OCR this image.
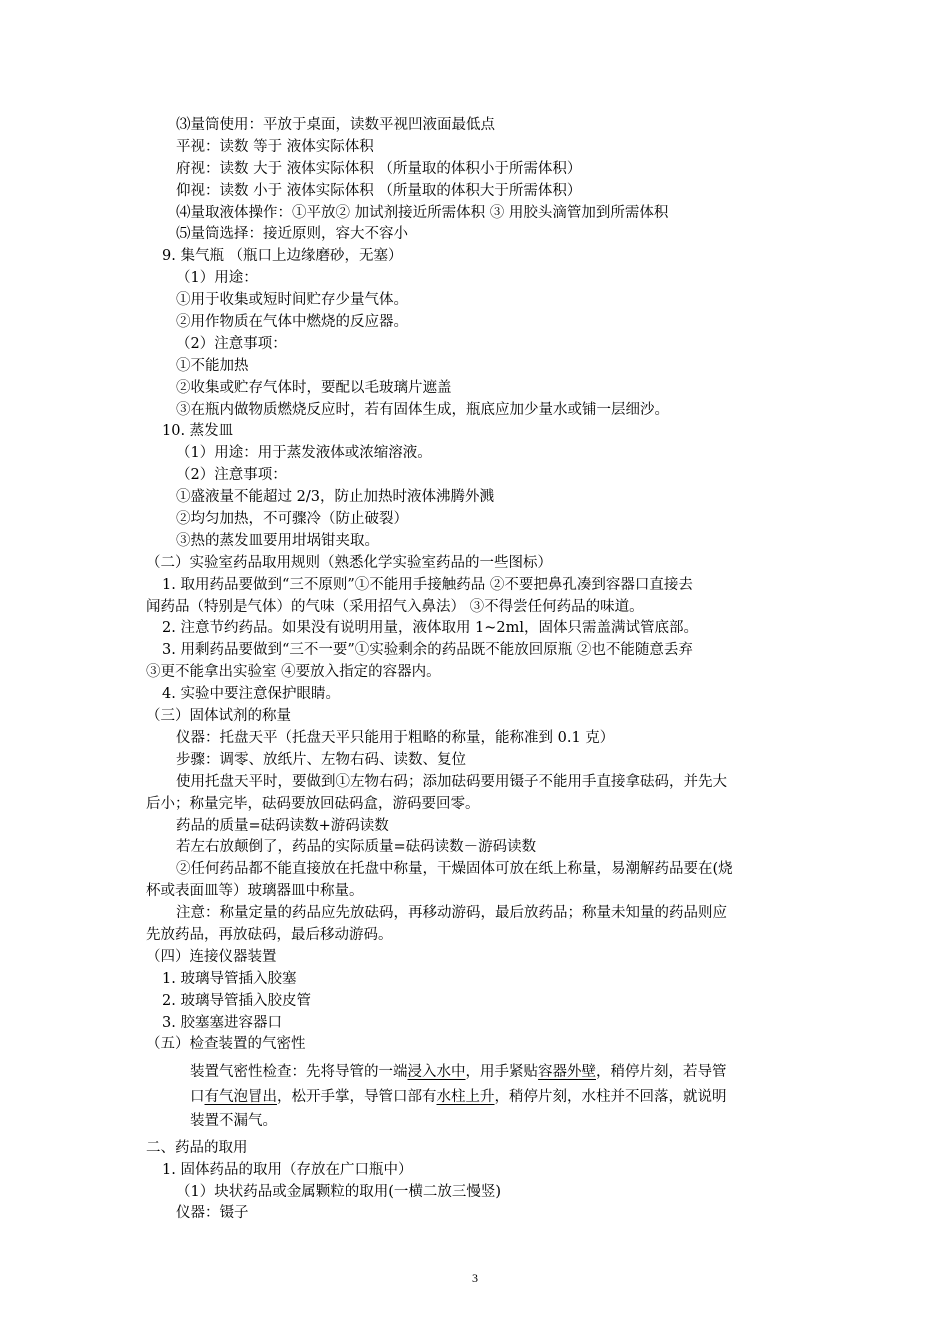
⑶量筒使用：平放于桌面，读数平视凹液面最低点
平视：读数 等于 液体实际体积
府视：读数 大于 液体实际体积 （所量取的体积小于所需体积）
仰视：读数 小于 液体实际体积 （所量取的体积大于所需体积）
⑷量取液体操作：①平放② 加试剂接近所需体积 ③ 用胶头滴管加到所需体积
⑸量筒选择：接近原则，容大不容小
9. 集气瓶 （瓶口上边缘磨砂，无塞）
（1）用途：
①用于收集或短时间贮存少量气体。
②用作物质在气体中燃烧的反应器。
（2）注意事项：
①不能加热
②收集或贮存气体时，要配以毛玻璃片遮盖
③在瓶内做物质燃烧反应时，若有固体生成，瓶底应加少量水或铺一层细沙。
10. 蒸发皿
（1）用途：用于蒸发液体或浓缩溶液。
（2）注意事项：
①盛液量不能超过 2/3，防止加热时液体沸腾外溅
②均匀加热，不可骤冷（防止破裂）
③热的蒸发皿要用坩埚钳夹取。
（二）实验室药品取用规则（熟悉化学实验室药品的一些图标）
1. 取用药品要做到“三不原则”①不能用手接触药品 ②不要把鼻孔凑到容器口直接去
闻药品（特别是气体）的气味（采用招气入鼻法） ③不得尝任何药品的味道。
2. 注意节约药品。如果没有说明用量，液体取用 1~2ml，固体只需盖满试管底部。
3. 用剩药品要做到“三不一要”①实验剩余的药品既不能放回原瓶 ②也不能随意丢弃
③更不能拿出实验室 ④要放入指定的容器内。
4. 实验中要注意保护眼睛。
（三）固体试剂的称量
仪器：托盘天平（托盘天平只能用于粗略的称量，能称准到 0.1 克）
步骤：调零、放纸片、左物右码、读数、复位
使用托盘天平时，要做到①左物右码；添加砝码要用镊子不能用手直接拿砝码，并先大
后小；称量完毕，砝码要放回砝码盒，游码要回零。
药品的质量=砝码读数+游码读数
若左右放颠倒了，药品的实际质量=砝码读数－游码读数
②任何药品都不能直接放在托盘中称量，干燥固体可放在纸上称量，易潮解药品要在(烧
杯或表面皿等）玻璃器皿中称量。
注意：称量定量的药品应先放砝码，再移动游码，最后放药品；称量未知量的药品则应
先放药品，再放砝码，最后移动游码。
（四）连接仪器装置
1. 玻璃导管插入胶塞
2. 玻璃导管插入胶皮管
3. 胶塞塞进容器口
（五）检查装置的气密性
装置气密性检查：先将导管的一端浸入水中，用手紧贴容器外壁，稍停片刻，若导管
口有气泡冒出，松开手掌，导管口部有水柱上升，稍停片刻，水柱并不回落，就说明
装置不漏气。
二、药品的取用
1. 固体药品的取用（存放在广口瓶中）
（1）块状药品或金属颗粒的取用(一横二放三慢竖)
仪器：镊子
3
